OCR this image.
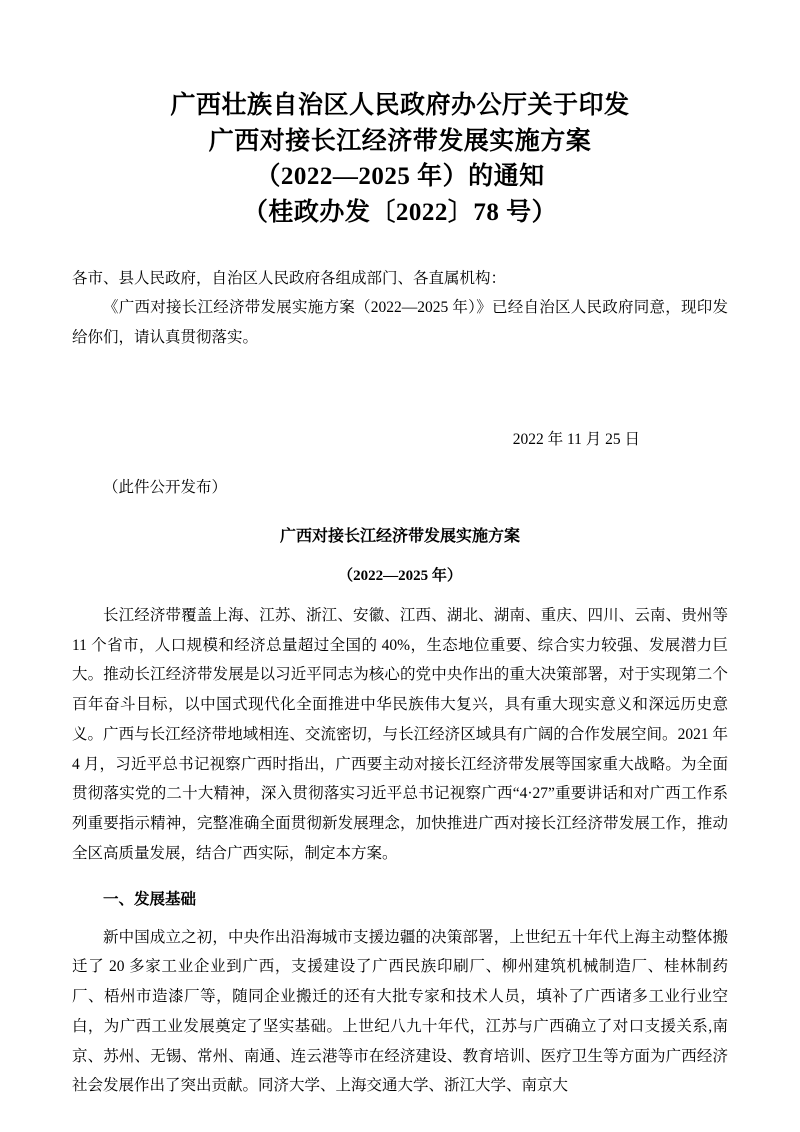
广西壮族自治区人民政府办公厅关于印发
广西对接长江经济带发展实施方案
（2022—2025 年）的通知
（桂政办发〔2022〕78 号）
各市、县人民政府，自治区人民政府各组成部门、各直属机构：

《广西对接长江经济带发展实施方案（2022—2025 年）》已经自治区人民政府同意，现印发给你们，请认真贯彻落实。

2022 年 11 月 25 日
（此件公开发布）
广西对接长江经济带发展实施方案
（2022—2025 年）

长江经济带覆盖上海、江苏、浙江、安徽、江西、湖北、湖南、重庆、四川、云南、贵州等 11 个省市，人口规模和经济总量超过全国的 40%，生态地位重要、综合实力较强、发展潜力巨大。推动长江经济带发展是以习近平同志为核心的党中央作出的重大决策部署，对于实现第二个百年奋斗目标，以中国式现代化全面推进中华民族伟大复兴，具有重大现实意义和深远历史意义。广西与长江经济带地域相连、交流密切，与长江经济区域具有广阔的合作发展空间。2021 年 4 月，习近平总书记视察广西时指出，广西要主动对接长江经济带发展等国家重大战略。为全面贯彻落实党的二十大精神，深入贯彻落实习近平总书记视察广西“4·27”重要讲话和对广西工作系列重要指示精神，完整准确全面贯彻新发展理念，加快推进广西对接长江经济带发展工作，推动全区高质量发展，结合广西实际，制定本方案。

一、发展基础

新中国成立之初，中央作出沿海城市支援边疆的决策部署，上世纪五十年代上海主动整体搬迁了 20 多家工业企业到广西，支援建设了广西民族印刷厂、柳州建筑机械制造厂、桂林制药厂、梧州市造漆厂等，随同企业搬迁的还有大批专家和技术人员，填补了广西诸多工业行业空白，为广西工业发展奠定了坚实基础。上世纪八九十年代，江苏与广西确立了对口支援关系,南京、苏州、无锡、常州、南通、连云港等市在经济建设、教育培训、医疗卫生等方面为广西经济社会发展作出了突出贡献。同济大学、上海交通大学、浙江大学、南京大
